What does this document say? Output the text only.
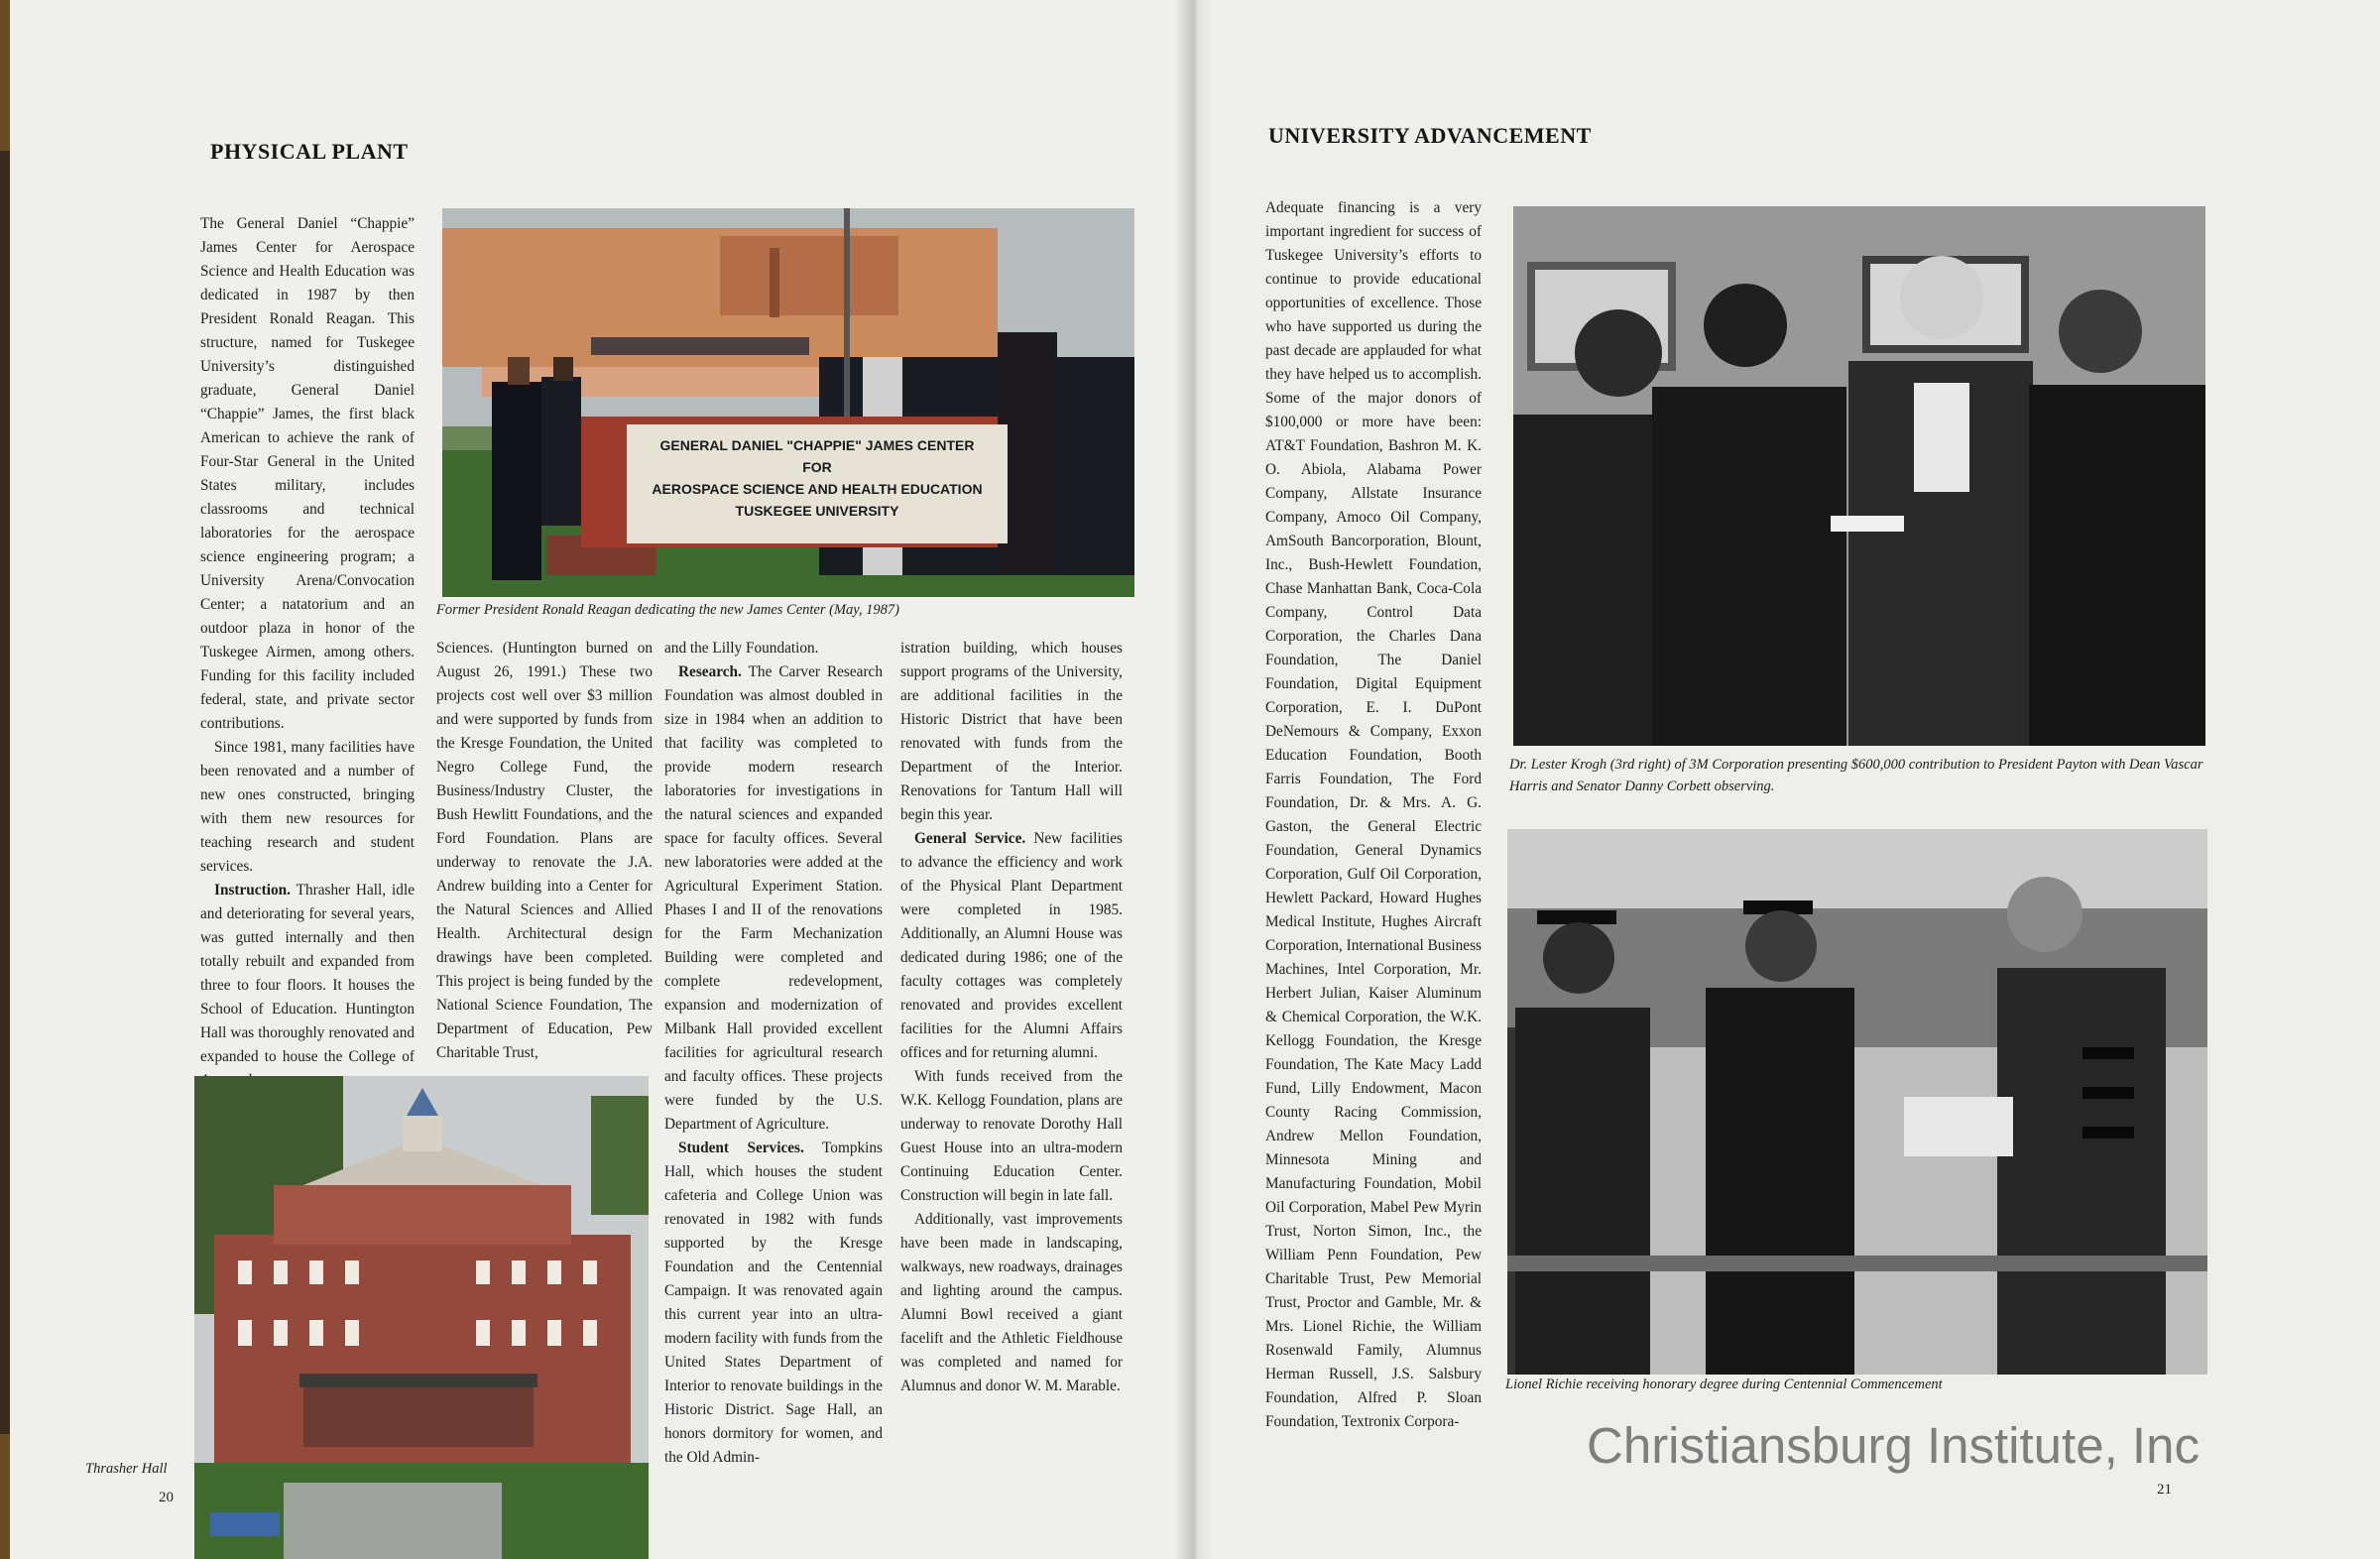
PHYSICAL PLANT

The General Daniel “Chappie” James Center for Aerospace Science and Health Education was dedicated in 1987 by then President Ronald Reagan. This structure, named for Tuskegee University’s distinguished graduate, General Daniel “Chappie” James, the first black American to achieve the rank of Four-Star General in the United States military, includes classrooms and technical laboratories for the aerospace science engineering program; a University Arena/Convocation Center; a natatorium and an outdoor plaza in honor of the Tuskegee Airmen, among others. Funding for this facility included federal, state, and private sector contributions.

Since 1981, many facilities have been renovated and a number of new ones constructed, bringing with them new resources for teaching research and student services.

Instruction. Thrasher Hall, idle and deteriorating for several years, was gutted internally and then totally rebuilt and expanded from three to four floors. It houses the School of Education. Huntington Hall was thoroughly renovated and expanded to house the College of

GENERAL DANIEL "CHAPPIE" JAMES CENTER
FOR
AEROSPACE SCIENCE AND HEALTH EDUCATION
TUSKEGEE UNIVERSITY
Former President Ronald Reagan dedicating the new James Center (May, 1987)

Sciences. (Huntington burned on August 26, 1991.) These two projects cost well over $3 million and were supported by funds from the Kresge Foundation, the United Negro College Fund, the Business/Industry Cluster, the Bush Hewlitt Foundations, and the Ford Foundation. Plans are underway to renovate the J.A. Andrew building into a Center for the Natural Sciences and Allied Health. Architectural design drawings have been completed. This project is being funded by the National Science Foundation, The Department of Education, Pew Charitable Trust,

and the Lilly Foundation.

Research. The Carver Research Foundation was almost doubled in size in 1984 when an addition to that facility was completed to provide modern research laboratories for investigations in the natural sciences and expanded space for faculty offices. Several new laboratories were added at the Agricultural Experiment Station. Phases I and II of the renovations for the Farm Mechanization Building were completed and complete redevelopment, expansion and modernization of Milbank Hall provided excellent facilities for agricultural research and faculty offices. These projects were funded by the U.S. Department of Agriculture.

Student Services. Tompkins Hall, which houses the student cafeteria and College Union was renovated in 1982 with funds supported by the Kresge Foundation and the Centennial Campaign. It was renovated again this current year into an ultra-modern facility with funds from the United States Department of Interior to renovate buildings in the Historic District. Sage Hall, an honors dormitory for women, and the Old Admin-

istration building, which houses support programs of the University, are additional facilities in the Historic District that have been renovated with funds from the Department of the Interior. Renovations for Tantum Hall will begin this year.

General Service. New facilities to advance the efficiency and work of the Physical Plant Department were completed in 1985. Additionally, an Alumni House was dedicated during 1986; one of the faculty cottages was completely renovated and provides excellent facilities for the Alumni Affairs offices and for returning alumni.

With funds received from the W.K. Kellogg Foundation, plans are underway to renovate Dorothy Hall Guest House into an ultra-modern Continuing Education Center. Construction will begin in late fall.

Additionally, vast improvements have been made in landscaping, walkways, new roadways, drainages and lighting around the campus. Alumni Bowl received a giant facelift and the Athletic Fieldhouse was completed and named for Alumnus and donor W. M. Marable.

Thrasher Hall
20
UNIVERSITY ADVANCEMENT

Adequate financing is a very important ingredient for success of Tuskegee University’s efforts to continue to provide educational opportunities of excellence. Those who have supported us during the past decade are applauded for what they have helped us to accomplish. Some of the major donors of $100,000 or more have been: AT&T Foundation, Bashron M. K. O. Abiola, Alabama Power Company, Allstate Insurance Company, Amoco Oil Company, AmSouth Bancorporation, Blount, Inc., Bush-Hewlett Foundation, Chase Manhattan Bank, Coca-Cola Company, Control Data Corporation, the Charles Dana Foundation, The Daniel Foundation, Digital Equipment Corporation, E. I. DuPont DeNemours & Company, Exxon Education Foundation, Booth Farris Foundation, The Ford Foundation, Dr. & Mrs. A. G. Gaston, the General Electric Foundation, General Dynamics Corporation, Gulf Oil Corporation, Hewlett Packard, Howard Hughes Medical Institute, Hughes Aircraft Corporation, International Business Machines, Intel Corporation, Mr. Herbert Julian, Kaiser Aluminum & Chemical Corporation, the W.K. Kellogg Foundation, the Kresge Foundation, The Kate Macy Ladd Fund, Lilly Endowment, Macon County Racing Commission, Andrew Mellon Foundation, Minnesota Mining and Manufacturing Foundation, Mobil Oil Corporation, Mabel Pew Myrin Trust, Norton Simon, Inc., the William Penn Foundation, Pew Charitable Trust, Pew Memorial Trust, Proctor and Gamble, Mr. & Mrs. Lionel Richie, the William Rosenwald Family, Alumnus Herman Russell, J.S. Salsbury Foundation, Alfred P. Sloan Foundation, Textronix Corpora-

Dr. Lester Krogh (3rd right) of 3M Corporation presenting $600,000 contribution to President Payton with Dean Vascar Harris and Senator Danny Corbett observing.
Lionel Richie receiving honorary degree during Centennial Commencement
21
Christiansburg Institute, Inc
